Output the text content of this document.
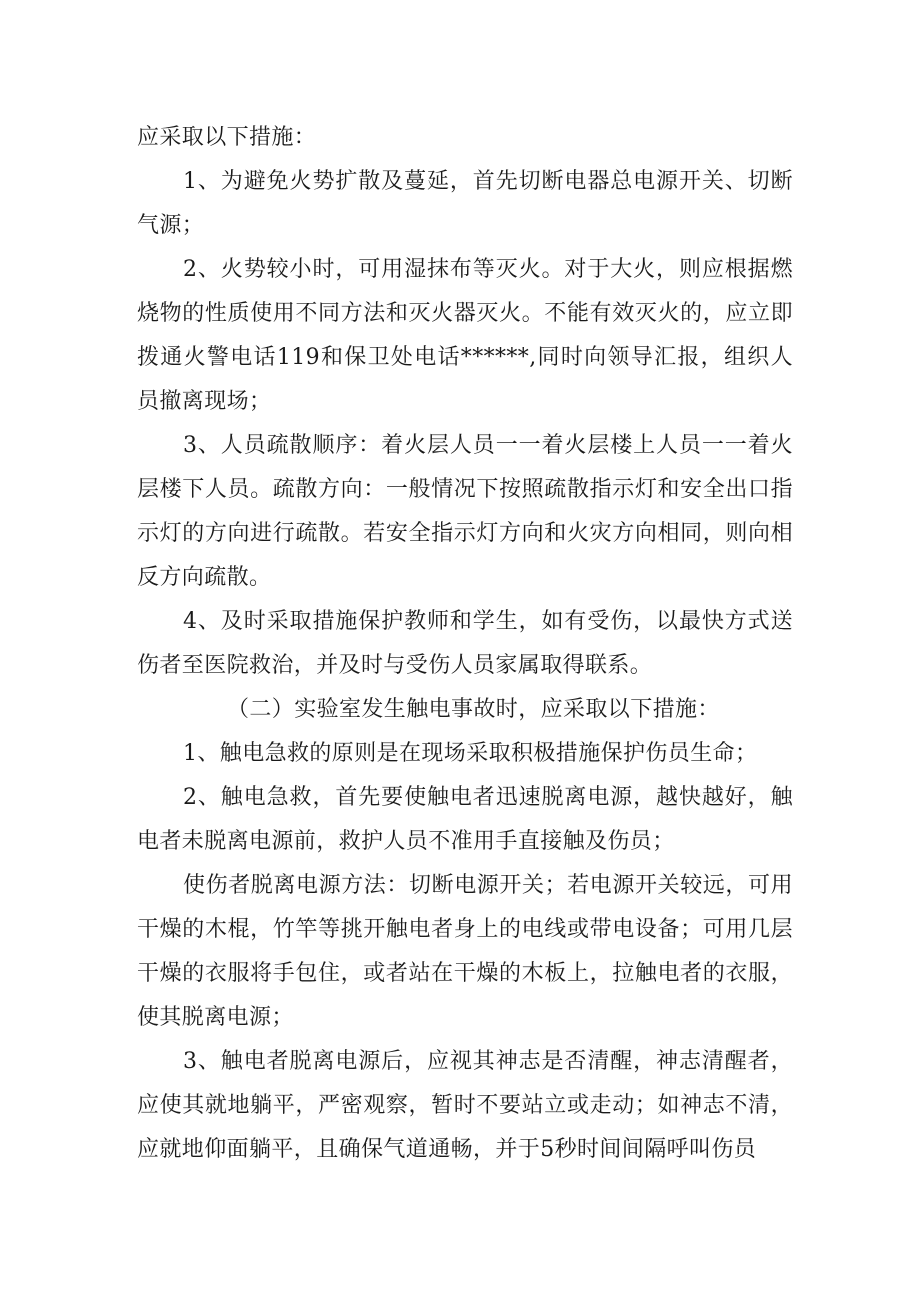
应采取以下措施：

1、为避免火势扩散及蔓延，首先切断电器总电源开关、切断气源；

2、火势较小时，可用湿抹布等灭火。对于大火，则应根据燃烧物的性质使用不同方法和灭火器灭火。不能有效灭火的，应立即拨通火警电话119和保卫处电话******,同时向领导汇报，组织人员撤离现场；

3、人员疏散顺序：着火层人员一一着火层楼上人员一一着火层楼下人员。疏散方向：一般情况下按照疏散指示灯和安全出口指示灯的方向进行疏散。若安全指示灯方向和火灾方向相同，则向相反方向疏散。

4、及时采取措施保护教师和学生，如有受伤，以最快方式送伤者至医院救治，并及时与受伤人员家属取得联系。

（二）实验室发生触电事故时，应采取以下措施：

1、触电急救的原则是在现场采取积极措施保护伤员生命；

2、触电急救，首先要使触电者迅速脱离电源，越快越好，触电者未脱离电源前，救护人员不准用手直接触及伤员；

使伤者脱离电源方法：切断电源开关；若电源开关较远，可用干燥的木棍，竹竿等挑开触电者身上的电线或带电设备；可用几层干燥的衣服将手包住，或者站在干燥的木板上，拉触电者的衣服，使其脱离电源；

3、触电者脱离电源后，应视其神志是否清醒，神志清醒者，应使其就地躺平，严密观察，暂时不要站立或走动；如神志不清，应就地仰面躺平，且确保气道通畅，并于5秒时间间隔呼叫伤员
